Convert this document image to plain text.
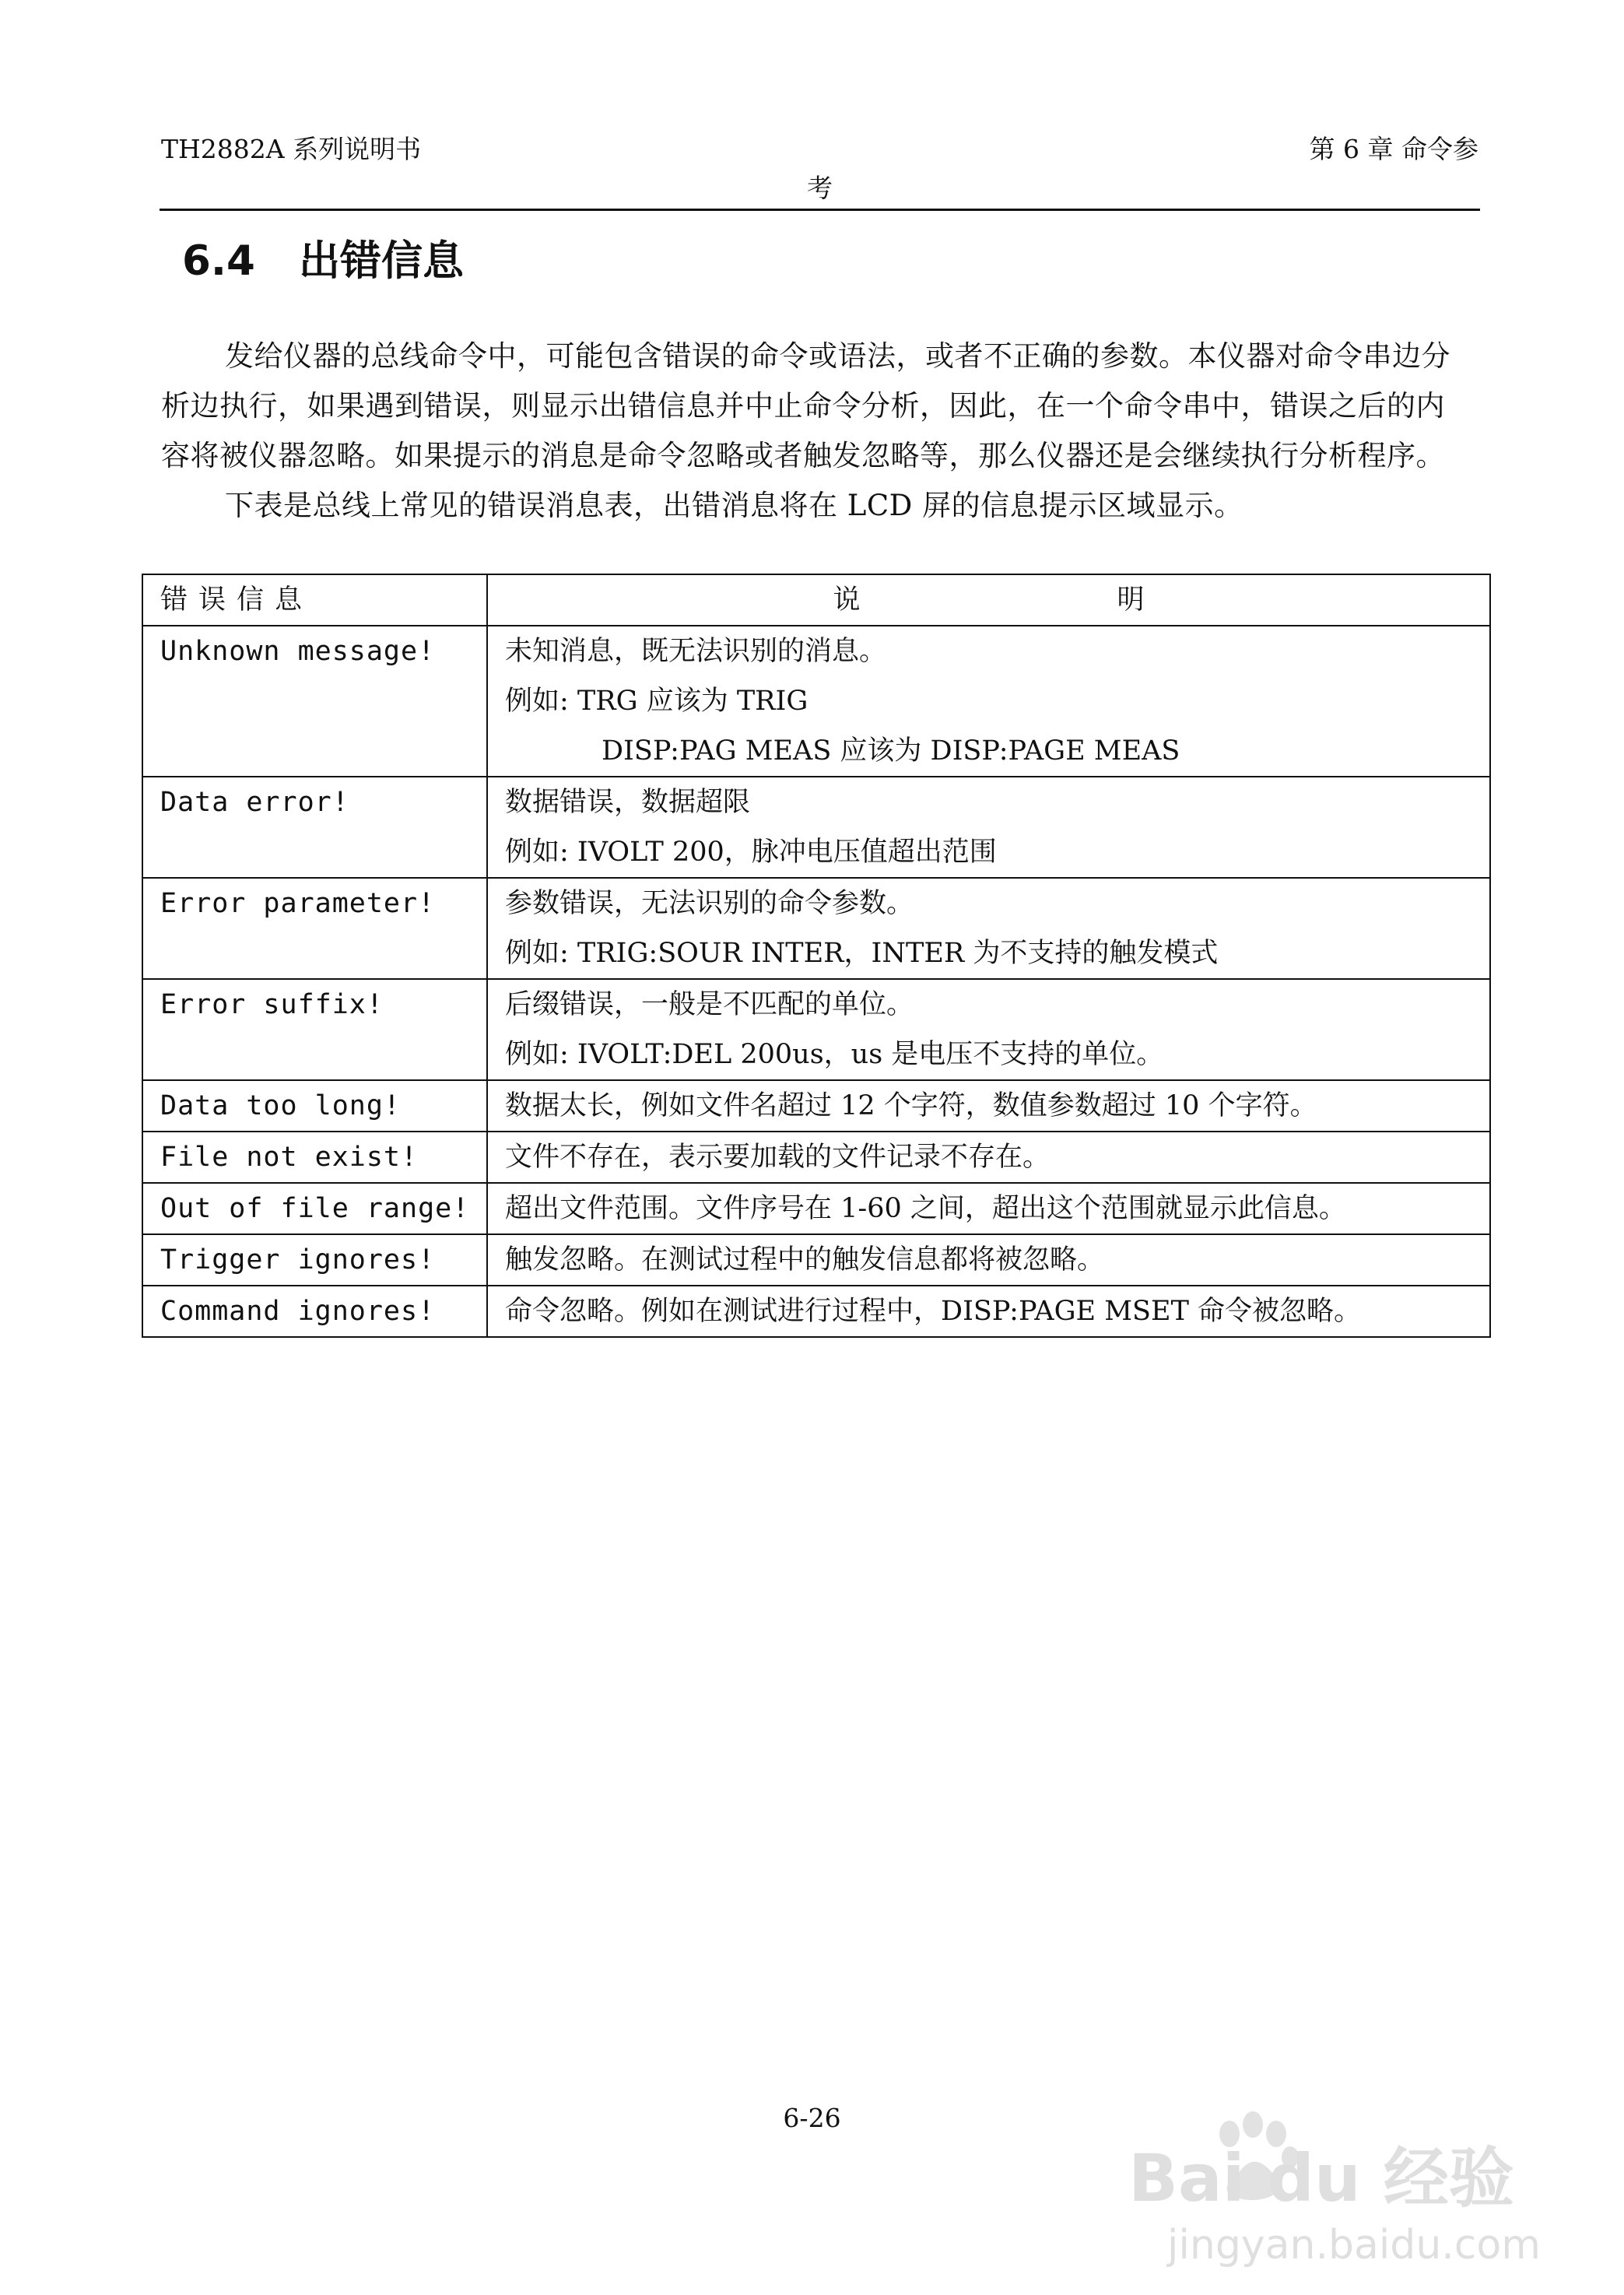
TH2882A 系列说明书	第 6 章 命令参
考
6.4 出错信息

发给仪器的总线命令中，可能包含错误的命令或语法，或者不正确的参数。本仪器对命令串边分析边执行，如果遇到错误，则显示出错信息并中止命令分析，因此，在一个命令串中，错误之后的内容将被仪器忽略。如果提示的消息是命令忽略或者触发忽略等，那么仪器还是会继续执行分析程序。

下表是总线上常见的错误消息表，出错消息将在 LCD 屏的信息提示区域显示。

错误信息	说明

Unknown message!	未知消息，既无法识别的消息。
例如: TRG 应该为 TRIG
DISP:PAG MEAS 应该为 DISP:PAGE MEAS

Data error!	数据错误，数据超限
例如: IVOLT 200，脉冲电压值超出范围

Error parameter!	参数错误，无法识别的命令参数。
例如: TRIG:SOUR INTER，INTER 为不支持的触发模式

Error suffix!	后缀错误，一般是不匹配的单位。
例如: IVOLT:DEL 200us，us 是电压不支持的单位。

Data too long!	数据太长，例如文件名超过 12 个字符，数值参数超过 10 个字符。

File not exist!	文件不存在，表示要加载的文件记录不存在。

Out of file range!	超出文件范围。文件序号在 1-60 之间，超出这个范围就显示此信息。

Trigger ignores!	触发忽略。在测试过程中的触发信息都将被忽略。

Command ignores!	命令忽略。例如在测试进行过程中，DISP:PAGE MSET 命令被忽略。
6-26
Bai du 经验
jingyan.baidu.com
